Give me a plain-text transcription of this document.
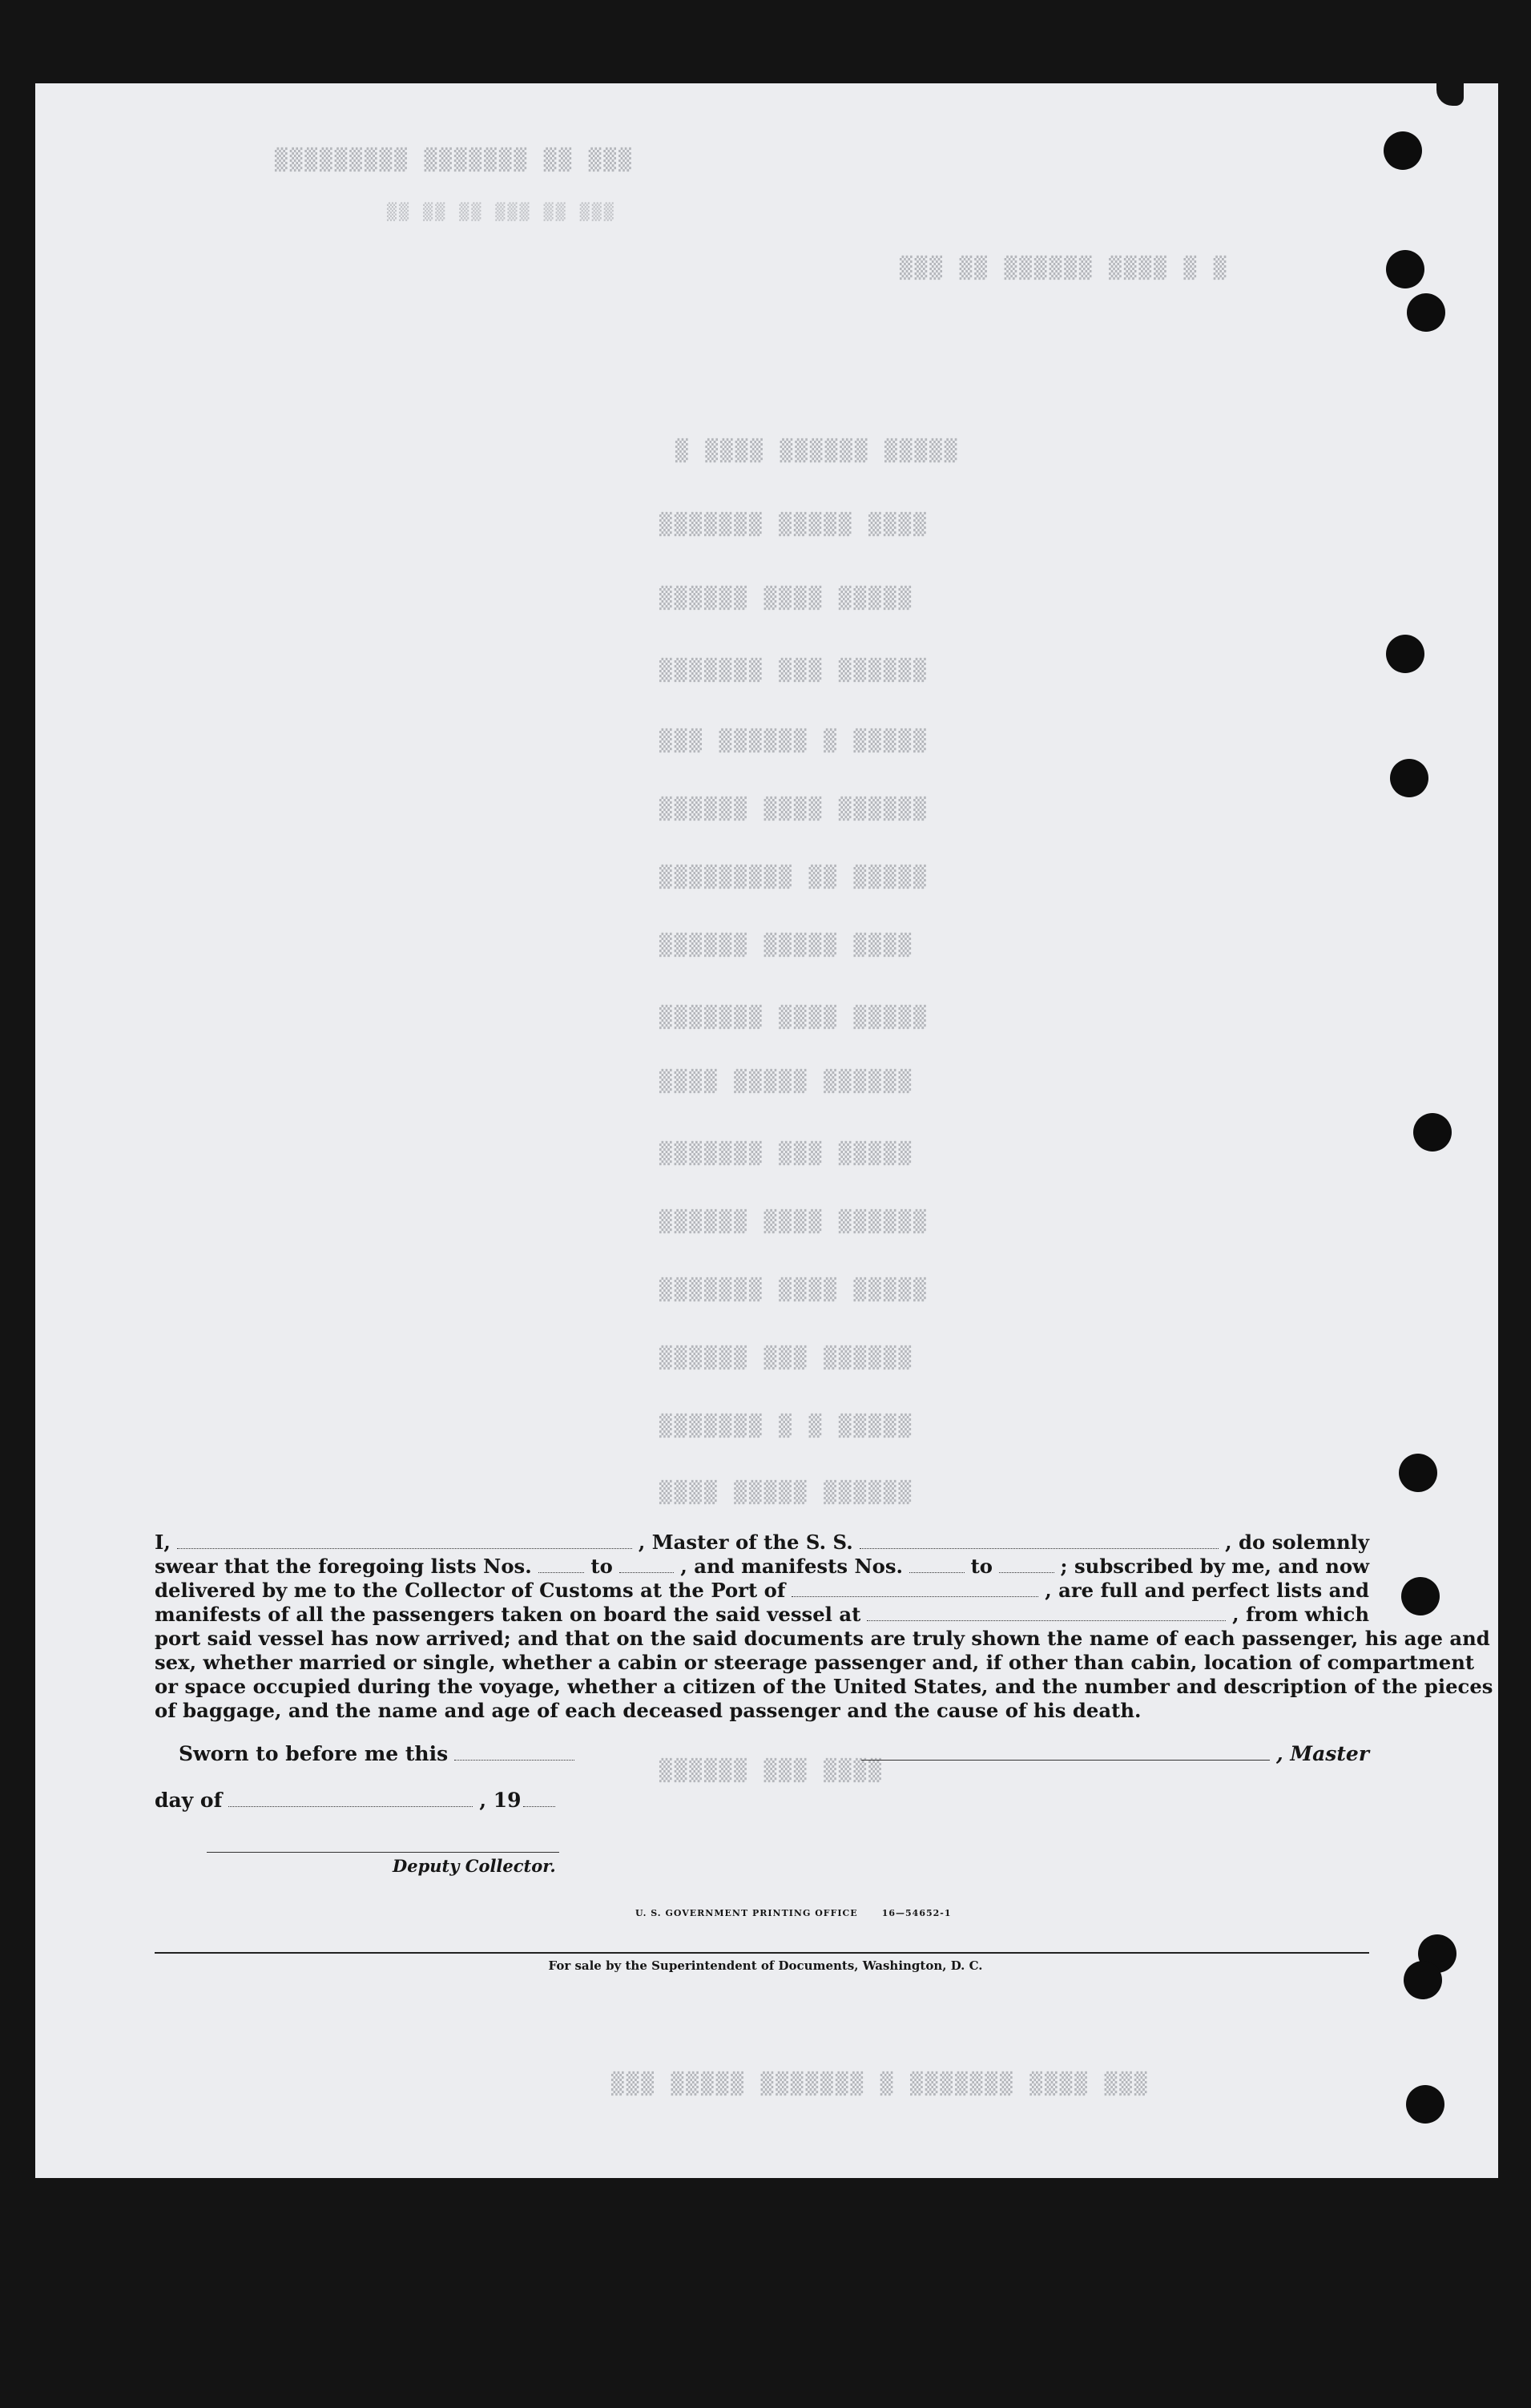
▒▒▒ ▒▒ ▒▒▒▒▒▒▒ ▒▒▒▒▒▒▒▒▒
▒▒▒ ▒▒ ▒▒▒ ▒▒ ▒▒ ▒▒
▒ ▒ ▒▒▒▒ ▒▒▒▒▒▒ ▒▒ ▒▒▒
▒▒▒▒▒ ▒▒▒▒▒▒ ▒▒▒▒ ▒
▒▒▒▒ ▒▒▒▒▒ ▒▒▒▒▒▒▒
▒▒▒▒▒ ▒▒▒▒ ▒▒▒▒▒▒
▒▒▒▒▒▒ ▒▒▒ ▒▒▒▒▒▒▒
▒▒▒▒▒ ▒ ▒▒▒▒▒▒ ▒▒▒
▒▒▒▒▒▒ ▒▒▒▒ ▒▒▒▒▒▒
▒▒▒▒▒ ▒▒ ▒▒▒▒▒▒▒▒▒
▒▒▒▒ ▒▒▒▒▒ ▒▒▒▒▒▒
▒▒▒▒▒ ▒▒▒▒ ▒▒▒▒▒▒▒
▒▒▒▒▒▒ ▒▒▒▒▒ ▒▒▒▒
▒▒▒▒▒ ▒▒▒ ▒▒▒▒▒▒▒
▒▒▒▒▒▒ ▒▒▒▒ ▒▒▒▒▒▒
▒▒▒▒▒ ▒▒▒▒ ▒▒▒▒▒▒▒
▒▒▒▒▒▒ ▒▒▒ ▒▒▒▒▒▒
▒▒▒▒▒ ▒ ▒ ▒▒▒▒▒▒▒
▒▒▒▒▒▒ ▒▒▒▒▒ ▒▒▒▒
▒▒▒▒ ▒▒▒ ▒▒▒▒▒▒
▒▒▒ ▒▒▒▒ ▒▒▒▒▒▒▒ ▒ ▒▒▒▒▒▒▒ ▒▒▒▒▒ ▒▒▒
I,	, Master of the S. S.	, do solemnly
swear that the foregoing lists Nos.	to	, and manifests Nos.	to	; subscribed by me, and now
delivered by me to the Collector of Customs at the Port of	, are full and perfect lists and
manifests of all the passengers taken on board the said vessel at	, from which
port said vessel has now arrived; and that on the said documents are truly shown the name of each passenger, his age and
sex, whether married or single, whether a cabin or steerage passenger and, if other than cabin, location of compartment
or space occupied during the voyage, whether a citizen of the United States, and the number and description of the pieces
of baggage, and the name and age of each deceased passenger and the cause of his death.
Sworn to before me this	, Master
day of	, 19
Deputy Collector.
U. S. GOVERNMENT PRINTING OFFICE	16—54652-1
For sale by the Superintendent of Documents, Washington, D. C.
